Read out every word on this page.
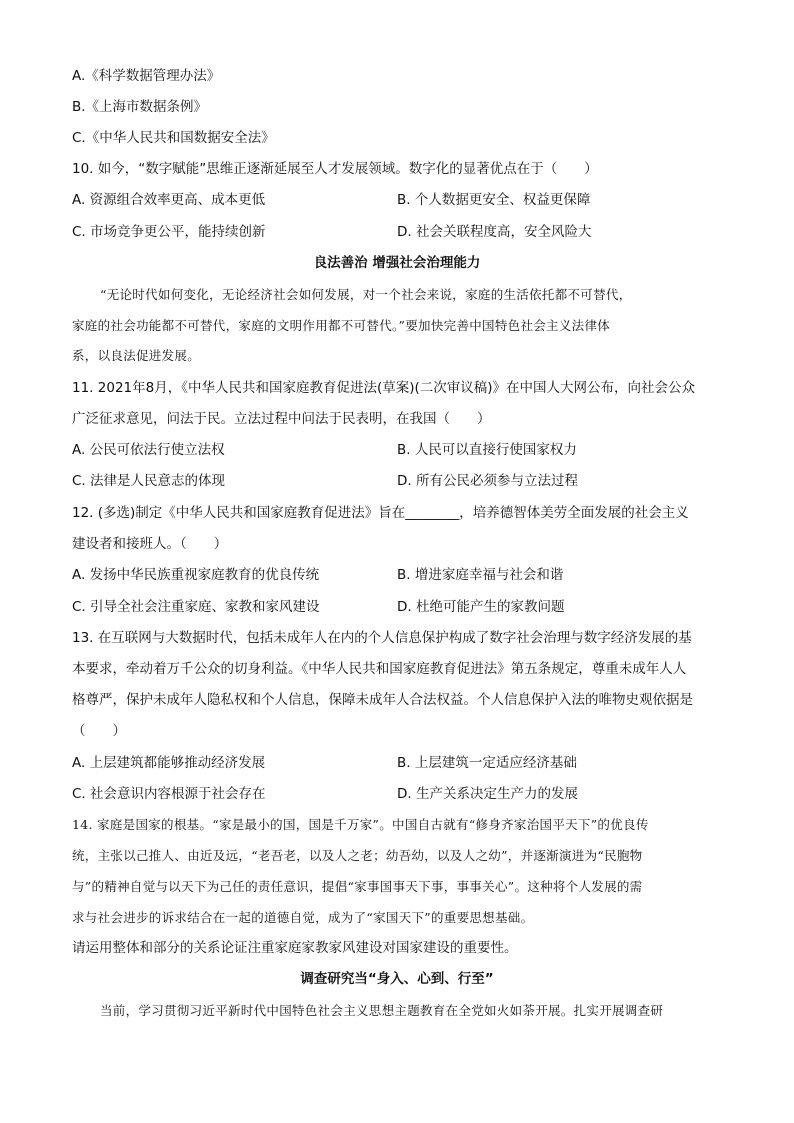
A.《科学数据管理办法》
B.《上海市数据条例》
C.《中华人民共和国数据安全法》
10. 如今，“数字赋能”思维正逐渐延展至人才发展领域。数字化的显著优点在于（　　）
A. 资源组合效率更高、成本更低	B. 个人数据更安全、权益更保障
C. 市场竞争更公平，能持续创新	D. 社会关联程度高，安全风险大
良法善治 增强社会治理能力
“无论时代如何变化，无论经济社会如何发展，对一个社会来说，家庭的生活依托都不可替代，
家庭的社会功能都不可替代，家庭的文明作用都不可替代。”要加快完善中国特色社会主义法律体
系，以良法促进发展。
11. 2021年8月，《中华人民共和国家庭教育促进法(草案)(二次审议稿)》在中国人大网公布，向社会公众
广泛征求意见，问法于民。立法过程中问法于民表明，在我国（　　）
A. 公民可依法行使立法权	B. 人民可以直接行使国家权力
C. 法律是人民意志的体现	D. 所有公民必须参与立法过程
12. (多选)制定《中华人民共和国家庭教育促进法》旨在________，培养德智体美劳全面发展的社会主义
建设者和接班人。（　　）
A. 发扬中华民族重视家庭教育的优良传统	B. 增进家庭幸福与社会和谐
C. 引导全社会注重家庭、家教和家风建设	D. 杜绝可能产生的家教问题
13. 在互联网与大数据时代，包括未成年人在内的个人信息保护构成了数字社会治理与数字经济发展的基
本要求，牵动着万千公众的切身利益。《中华人民共和国家庭教育促进法》第五条规定，尊重未成年人人
格尊严，保护未成年人隐私权和个人信息，保障未成年人合法权益。个人信息保护入法的唯物史观依据是
（　　）
A. 上层建筑都能够推动经济发展	B. 上层建筑一定适应经济基础
C. 社会意识内容根源于社会存在	D. 生产关系决定生产力的发展
14. 家庭是国家的根基。“家是最小的国，国是千万家”。中国自古就有“修身齐家治国平天下”的优良传
统，主张以己推人、由近及远，“老吾老，以及人之老；幼吾幼，以及人之幼”，并逐渐演进为“民胞物
与”的精神自觉与以天下为己任的责任意识，提倡“家事国事天下事，事事关心”。这种将个人发展的需
求与社会进步的诉求结合在一起的道德自觉，成为了“家国天下”的重要思想基础。
请运用整体和部分的关系论证注重家庭家教家风建设对国家建设的重要性。
调查研究当“身入、心到、行至”
当前，学习贯彻习近平新时代中国特色社会主义思想主题教育在全党如火如荼开展。扎实开展调查研
